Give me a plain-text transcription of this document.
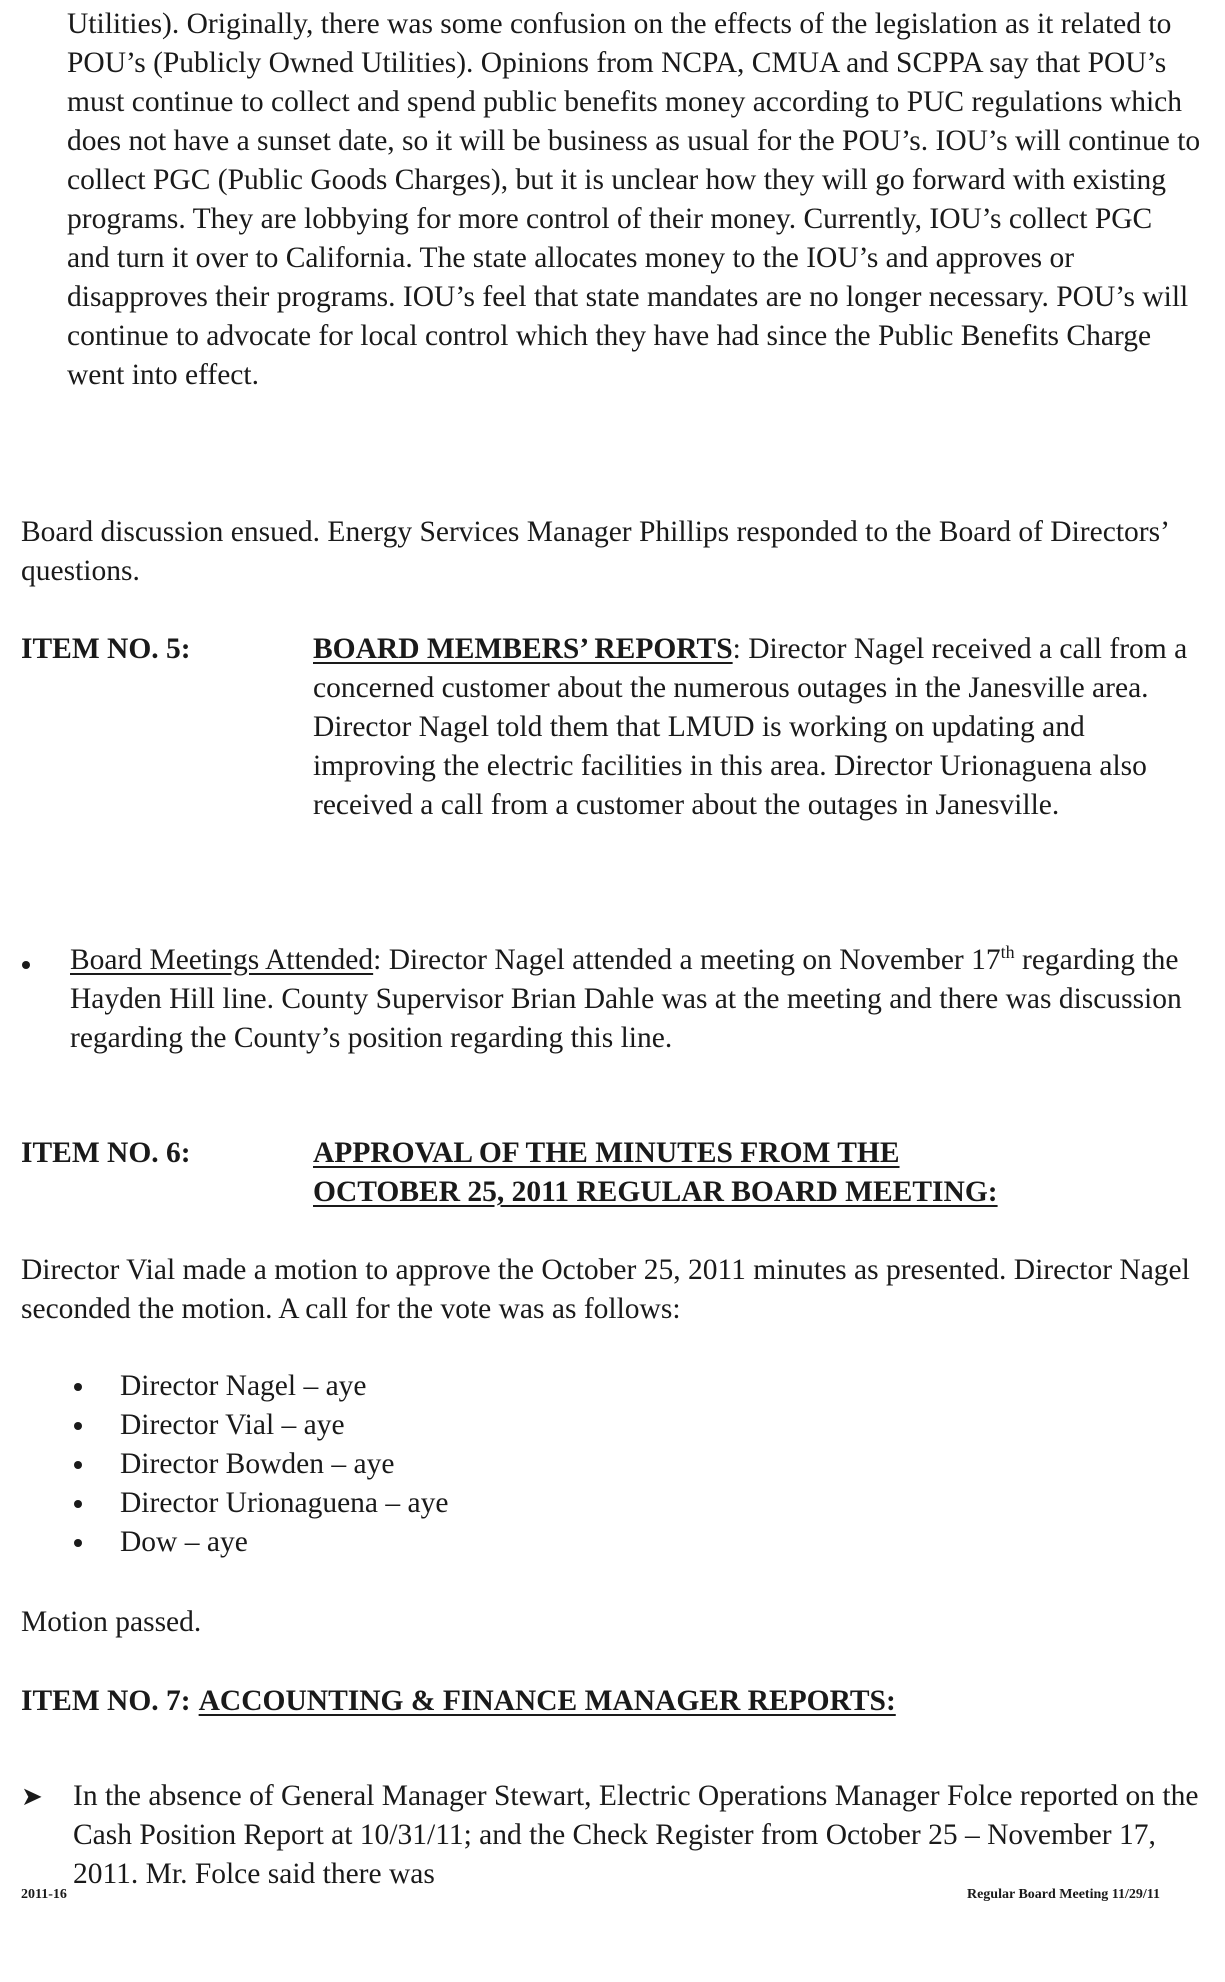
Utilities). Originally, there was some confusion on the effects of the legislation as it related to POU’s (Publicly Owned Utilities). Opinions from NCPA, CMUA and SCPPA say that POU’s must continue to collect and spend public benefits money according to PUC regulations which does not have a sunset date, so it will be business as usual for the POU’s. IOU’s will continue to collect PGC (Public Goods Charges), but it is unclear how they will go forward with existing programs. They are lobbying for more control of their money. Currently, IOU’s collect PGC and turn it over to California. The state allocates money to the IOU’s and approves or disapproves their programs. IOU’s feel that state mandates are no longer necessary. POU’s will continue to advocate for local control which they have had since the Public Benefits Charge went into effect.

Board discussion ensued. Energy Services Manager Phillips responded to the Board of Directors’ questions.

ITEM NO. 5:	BOARD MEMBERS’ REPORTS: Director Nagel received a call from a concerned customer about the numerous outages in the Janesville area. Director Nagel told them that LMUD is working on updating and improving the electric facilities in this area. Director Urionaguena also received a call from a customer about the outages in Janesville.

Board Meetings Attended: Director Nagel attended a meeting on November 17th regarding the Hayden Hill line. County Supervisor Brian Dahle was at the meeting and there was discussion regarding the County’s position regarding this line.

ITEM NO. 6:	APPROVAL OF THE MINUTES FROM THE
OCTOBER 25, 2011 REGULAR BOARD MEETING:

Director Vial made a motion to approve the October 25, 2011 minutes as presented. Director Nagel seconded the motion. A call for the vote was as follows:

Director Nagel – aye
Director Vial – aye
Director Bowden – aye
Director Urionaguena – aye
Dow – aye

Motion passed.

ITEM NO. 7: ACCOUNTING & FINANCE MANAGER REPORTS:
➤ In the absence of General Manager Stewart, Electric Operations Manager Folce reported on the Cash Position Report at 10/31/11; and the Check Register from October 25 – November 17, 2011. Mr. Folce said there was

2011-16	Regular Board Meeting 11/29/11
